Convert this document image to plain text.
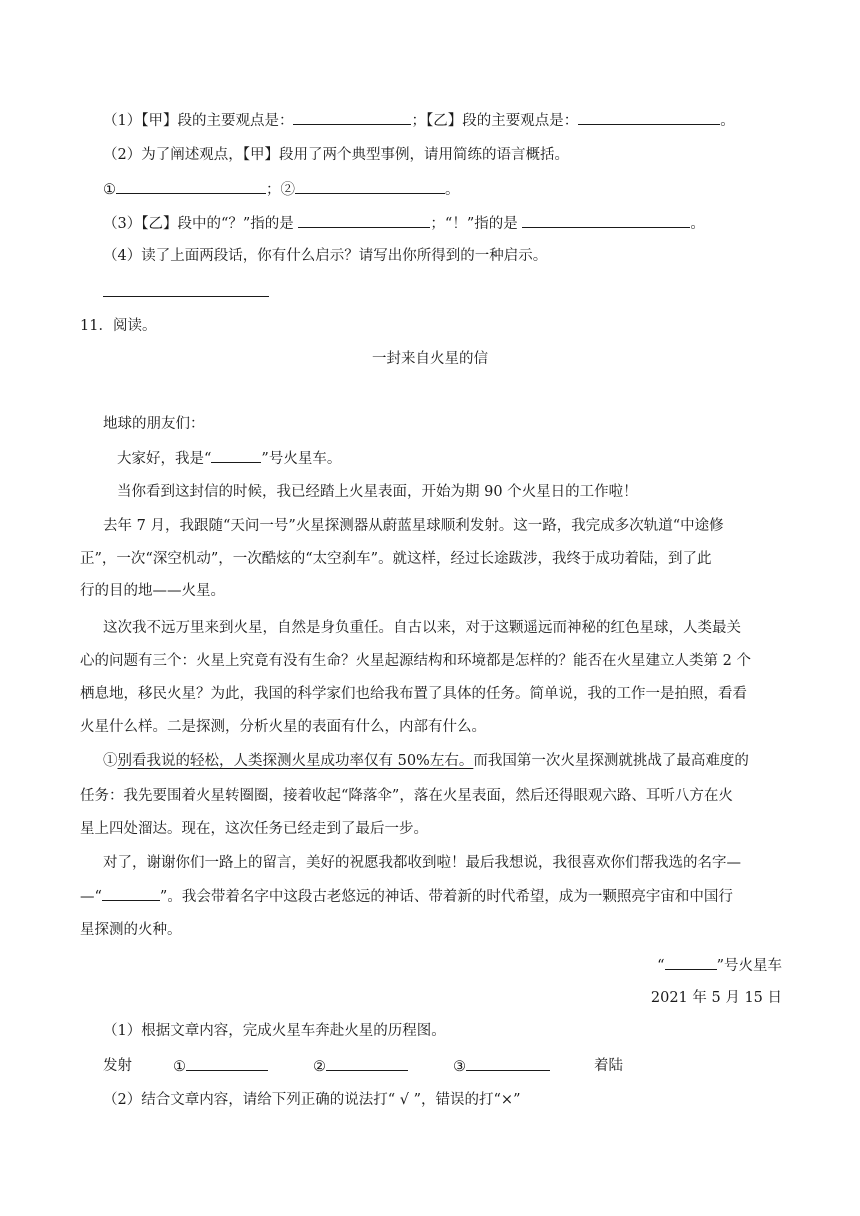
（1）【甲】段的主要观点是：	；【乙】段的主要观点是：	。
（2）为了阐述观点，【甲】段用了两个典型事例，请用简练的语言概括。
①	；②	。
（3）【乙】段中的“？”指的是	；“！”指的是	。
（4）读了上面两段话，你有什么启示？请写出你所得到的一种启示。
11．阅读。
一封来自火星的信
地球的朋友们：
大家好，我是“	”号火星车。
当你看到这封信的时候，我已经踏上火星表面，开始为期 90 个火星日的工作啦！
去年 7 月，我跟随“天问一号”火星探测器从蔚蓝星球顺利发射。这一路，我完成多次轨道“中途修
正”，一次“深空机动”，一次酷炫的“太空刹车”。就这样，经过长途跋涉，我终于成功着陆，到了此
行的目的地——火星。
这次我不远万里来到火星，自然是身负重任。自古以来，对于这颗遥远而神秘的红色星球，人类最关
心的问题有三个：火星上究竟有没有生命？火星起源结构和环境都是怎样的？能否在火星建立人类第 2 个
栖息地，移民火星？为此，我国的科学家们也给我布置了具体的任务。简单说，我的工作一是拍照，看看
火星什么样。二是探测，分析火星的表面有什么，内部有什么。
①别看我说的轻松，人类探测火星成功率仅有 50%左右。而我国第一次火星探测就挑战了最高难度的
任务：我先要围着火星转圈圈，接着收起“降落伞”，落在火星表面，然后还得眼观六路、耳听八方在火
星上四处溜达。现在，这次任务已经走到了最后一步。
对了，谢谢你们一路上的留言，美好的祝愿我都收到啦！最后我想说，我很喜欢你们帮我选的名字—
—“	”。我会带着名字中这段古老悠远的神话、带着新的时代希望，成为一颗照亮宇宙和中国行
星探测的火种。
“	”号火星车
2021 年 5 月 15 日
（1）根据文章内容，完成火星车奔赴火星的历程图。
发射	①	②	③	着陆
（2）结合文章内容，请给下列正确的说法打“ √ ”，错误的打“×”
